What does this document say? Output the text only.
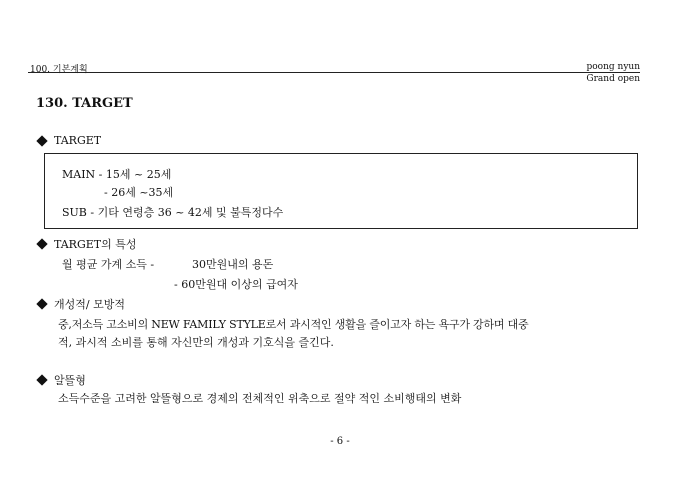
100. 기본계획	poong nyun
Grand open
130. TARGET
TARGET
MAIN - 15세 ~ 25세
- 26세 ~35세
SUB - 기타 연령층 36 ~ 42세 및 불특정다수
TARGET의 특성
월 평균 가계 소득 -	30만원내의 용돈
- 60만원대 이상의 급여자
개성적/ 모방적
중,저소득 고소비의 NEW FAMILY STYLE로서 과시적인 생활을 즐이고자 하는 욕구가 강하며 대중
적, 과시적 소비를 통해 자신만의 개성과 기호식을 즐긴다.
알뜰형
소득수준을 고려한 알뜰형으로 경제의 전체적인 위축으로 절약 적인 소비행태의 변화
- 6 -
